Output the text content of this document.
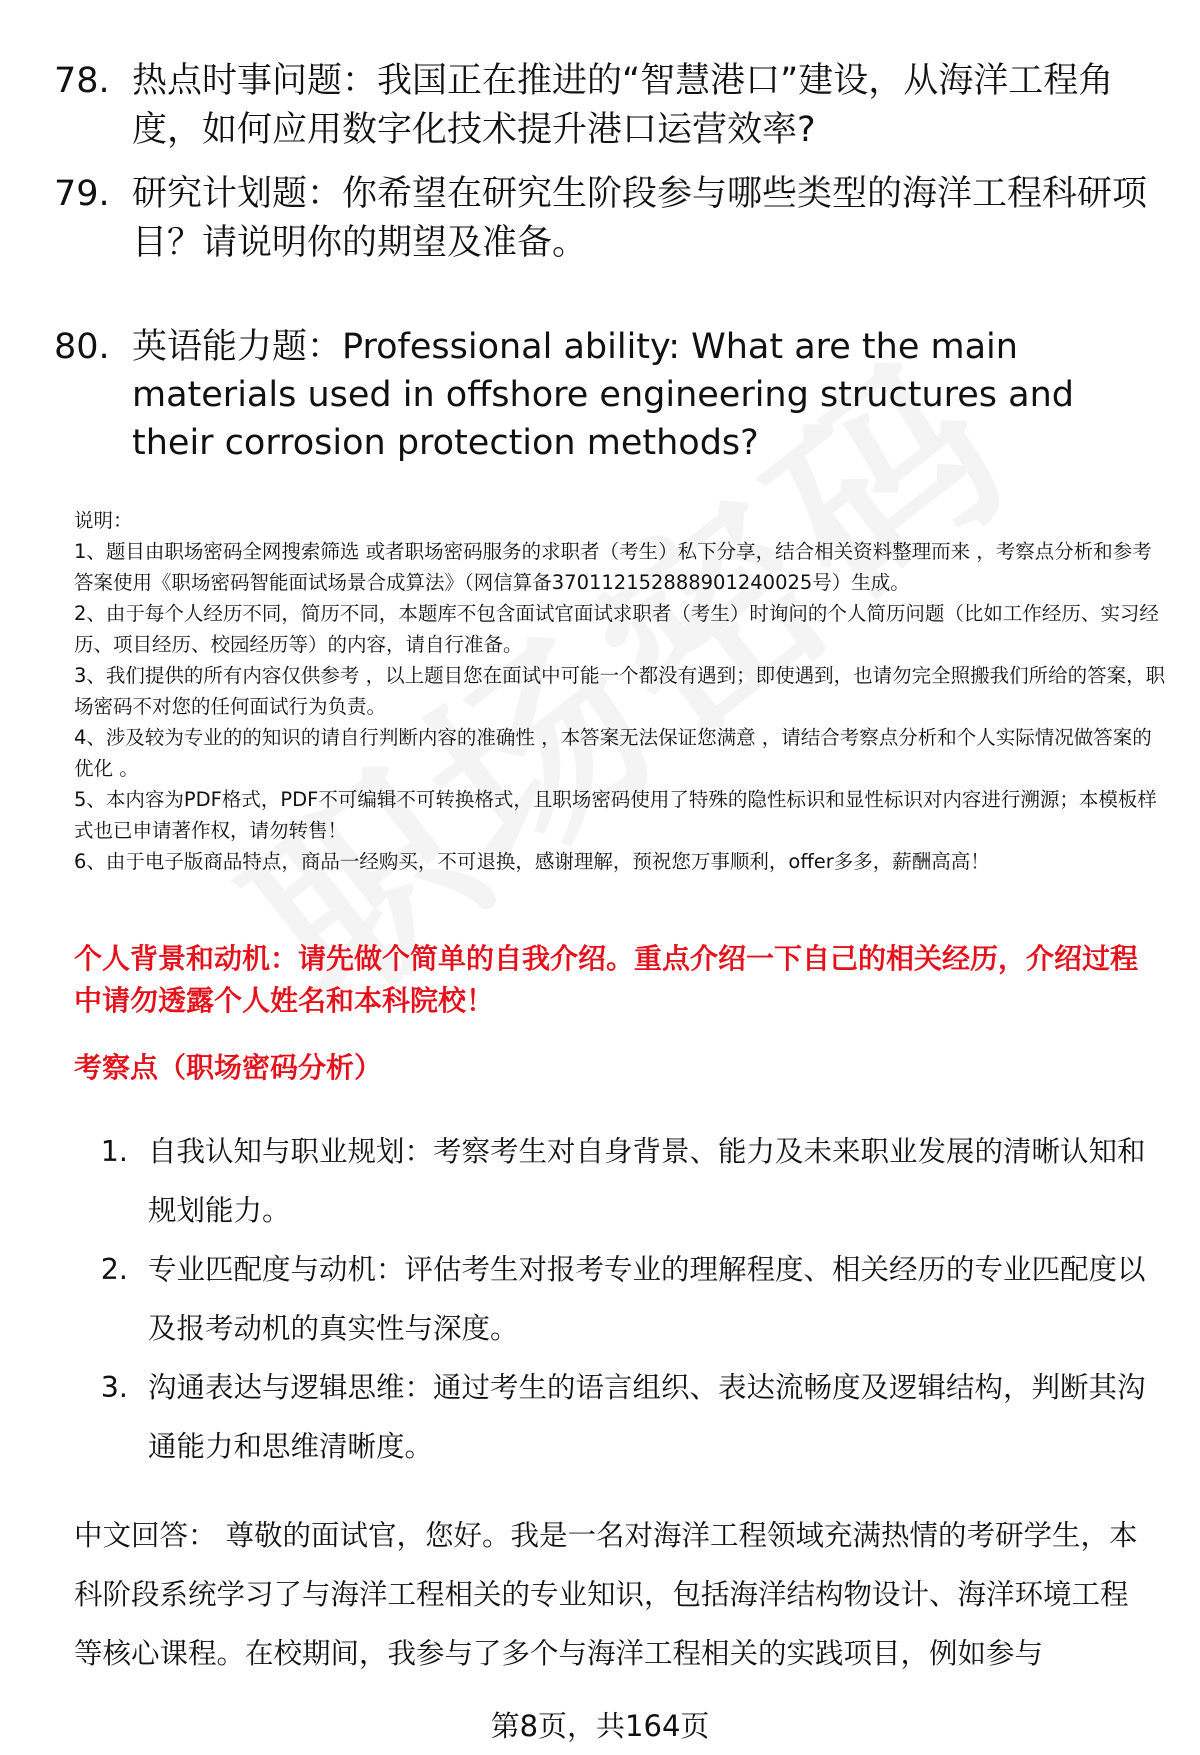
78. 热点时事问题：我国正在推进的“智慧港口”建设，从海洋工程角度，如何应用数字化技术提升港口运营效率?
79. 研究计划题：你希望在研究生阶段参与哪些类型的海洋工程科研项目？请说明你的期望及准备。
80. 英语能力题：Professional ability: What are the main materials used in offshore engineering structures and their corrosion protection methods?

说明：

1、题目由职场密码全网搜索筛选 或者职场密码服务的求职者（考生）私下分享，结合相关资料整理而来 ，考察点分析和参考答案使用《职场密码智能面试场景合成算法》（网信算备370112152888901240025号）生成。

2、由于每个人经历不同，简历不同，本题库不包含面试官面试求职者（考生）时询问的个人简历问题（比如工作经历、实习经历、项目经历、校园经历等）的内容，请自行准备。

3、我们提供的所有内容仅供参考 ，以上题目您在面试中可能一个都没有遇到；即使遇到，也请勿完全照搬我们所给的答案，职场密码不对您的任何面试行为负责。

4、涉及较为专业的的知识的请自行判断内容的准确性 ，本答案无法保证您满意 ，请结合考察点分析和个人实际情况做答案的优化 。

5、本内容为PDF格式，PDF不可编辑不可转换格式，且职场密码使用了特殊的隐性标识和显性标识对内容进行溯源；本模板样式也已申请著作权，请勿转售！

6、由于电子版商品特点，商品一经购买，不可退换，感谢理解，预祝您万事顺利，offer多多，薪酬高高！

个人背景和动机：请先做个简单的自我介绍。重点介绍一下自己的相关经历，介绍过程中请勿透露个人姓名和本科院校！
考察点（职场密码分析）
1. 自我认知与职业规划：考察考生对自身背景、能力及未来职业发展的清晰认知和规划能力。
2. 专业匹配度与动机：评估考生对报考专业的理解程度、相关经历的专业匹配度以及报考动机的真实性与深度。
3. 沟通表达与逻辑思维：通过考生的语言组织、表达流畅度及逻辑结构，判断其沟通能力和思维清晰度。
中文回答： 尊敬的面试官，您好。我是一名对海洋工程领域充满热情的考研学生，本科阶段系统学习了与海洋工程相关的专业知识，包括海洋结构物设计、海洋环境工程等核心课程。在校期间，我参与了多个与海洋工程相关的实践项目，例如参与
第8页，共164页
